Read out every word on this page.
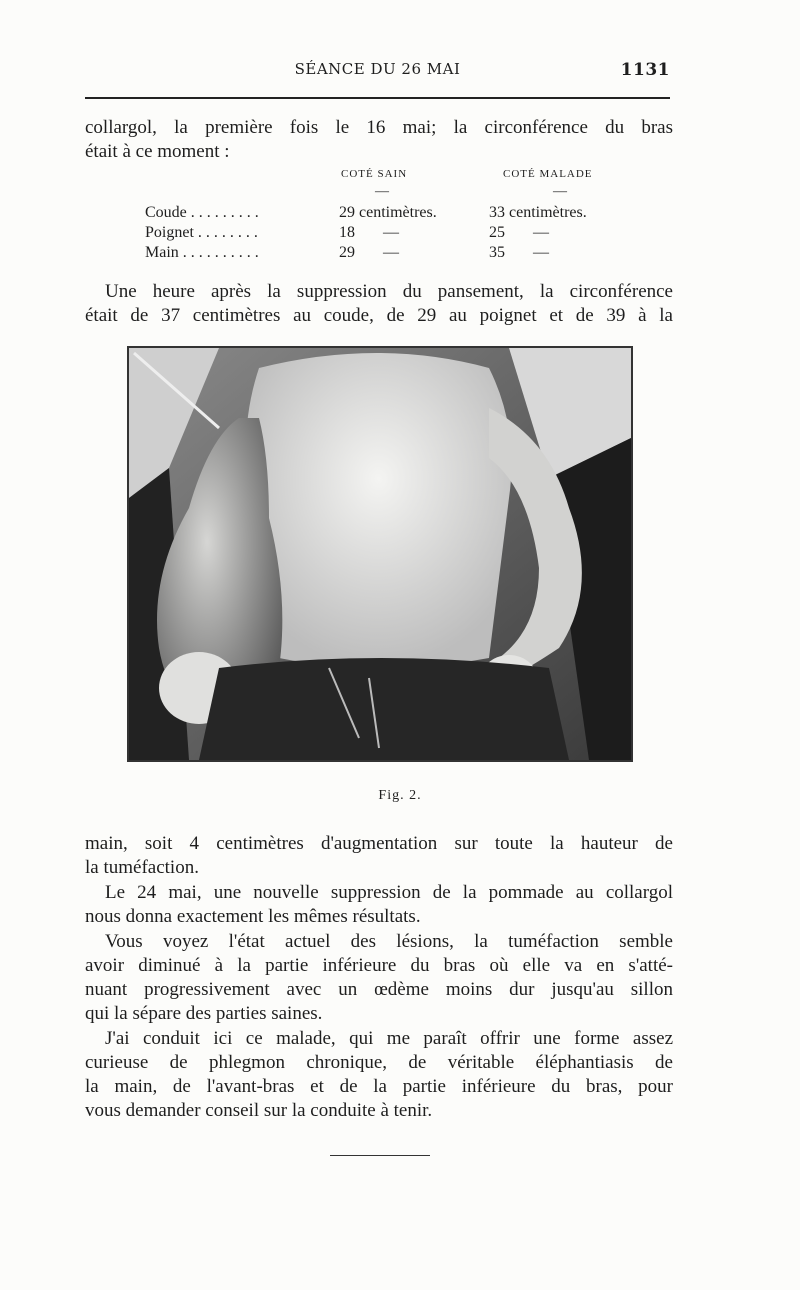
SÉANCE DU 26 MAI	1131

collargol, la première fois le 16 mai; la circonférence du bras
était à ce moment :

COTÉ SAIN	COTÉ MALADE
—	—
Coude . . . . . . . . .	29 centimètres.	33 centimètres.
Poignet . . . . . . . .	18       —	25       —
Main . . . . . . . . . .	29       —	35       —

Une heure après la suppression du pansement, la circonférence
était de 37 centimètres au coude, de 29 au poignet et de 39 à la

Fig. 2.

main, soit 4 centimètres d'augmentation sur toute la hauteur de
la tuméfaction.

Le 24 mai, une nouvelle suppression de la pommade au collargol
nous donna exactement les mêmes résultats.

Vous voyez l'état actuel des lésions, la tuméfaction semble
avoir diminué à la partie inférieure du bras où elle va en s'atté-
nuant progressivement avec un œdème moins dur jusqu'au sillon
qui la sépare des parties saines.

J'ai conduit ici ce malade, qui me paraît offrir une forme assez
curieuse de phlegmon chronique, de véritable éléphantiasis de
la main, de l'avant-bras et de la partie inférieure du bras, pour
vous demander conseil sur la conduite à tenir.
